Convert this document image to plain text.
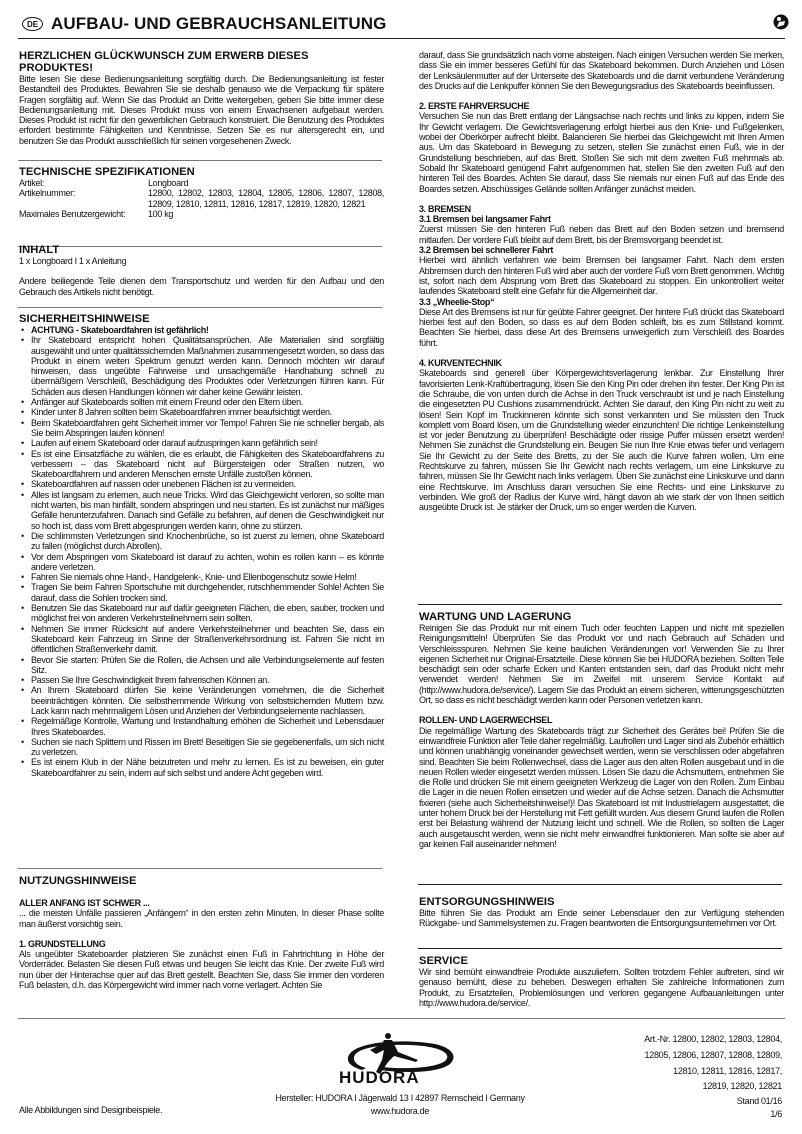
DE AUFBAU- UND GEBRAUCHSANLEITUNG
HERZLICHEN GLÜCKWUNSCH ZUM ERWERB DIESES PRODUKTES!

Bitte lesen Sie diese Bedienungsanleitung sorgfältig durch. Die Bedienungsanleitung ist fester Bestandteil des Produktes. Bewahren Sie sie deshalb genauso wie die Verpackung für spätere Fragen sorgfältig auf. Wenn Sie das Produkt an Dritte weitergeben, geben Sie bitte immer diese Bedienungsanleitung mit. Dieses Produkt muss von einem Erwachsenen aufgebaut werden. Dieses Produkt ist nicht für den gewerblichen Gebrauch konstruiert. Die Benutzung des Produktes erfordert bestimmte Fähigkeiten und Kenntnisse. Setzen Sie es nur altersgerecht ein, und benutzen Sie das Produkt ausschließlich für seinen vorgesehenen Zweck.

TECHNISCHE SPEZIFIKATIONEN
Artikel:	Longboard
Artikelnummer:	12800, 12802, 12803, 12804, 12805, 12806, 12807, 12808, 12809, 12810, 12811, 12816, 12817, 12819, 12820, 12821
Maximales Benutzergewicht:	100 kg
INHALT

1 x Longboard I 1 x Anleitung

Andere beiliegende Teile dienen dem Transportschutz und werden für den Aufbau und den Gebrauch des Artikels nicht benötigt.

SICHERHEITSHINWEISE
• ACHTUNG - Skateboardfahren ist gefährlich!
• Ihr Skateboard entspricht hohen Qualitätsansprüchen. Alle Materialien sind sorgfältig ausgewählt und unter qualitätssichernden Maßnahmen zusammengesetzt worden, so dass das Produkt in einem weiten Spektrum genutzt werden kann. Dennoch möchten wir darauf hinweisen, dass ungeübte Fahrweise und unsachgemäße Handhabung schnell zu übermäßigem Verschleiß, Beschädigung des Produktes oder Verletzungen führen kann. Für Schäden aus diesen Handlungen können wir daher keine Gewähr leisten.
• Anfänger auf Skateboards sollten mit einem Freund oder den Eltern üben.
• Kinder unter 8 Jahren sollten beim Skateboardfahren immer beaufsichtigt werden.
• Beim Skateboardfahren geht Sicherheit immer vor Tempo! Fahren Sie nie schneller bergab, als Sie beim Abspringen laufen können!
• Laufen auf einem Skateboard oder darauf aufzuspringen kann gefährlich sein!
• Es ist eine Einsatzfläche zu wählen, die es erlaubt, die Fähigkeiten des Skateboardfahrens zu verbessern – das Skateboard nicht auf Bürgersteigen oder Straßen nutzen, wo Skateboardfahrern und anderen Menschen ernste Unfälle zustoßen können.
• Skateboardfahren auf nassen oder unebenen Flächen ist zu vermeiden.
• Alles ist langsam zu erlernen, auch neue Tricks. Wird das Gleichgewicht verloren, so sollte man nicht warten, bis man hinfällt, sondern abspringen und neu starten. Es ist zunächst nur mäßiges Gefälle herunterzufahren. Danach sind Gefälle zu befahren, auf denen die Geschwindigkeit nur so hoch ist, dass vom Brett abgesprungen werden kann, ohne zu stürzen.
• Die schlimmsten Verletzungen sind Knochenbrüche, so ist zuerst zu lernen, ohne Skateboard zu fallen (möglichst durch Abrollen).
• Vor dem Abspringen vom Skateboard ist darauf zu achten, wohin es rollen kann – es könnte andere verletzen.
• Fahren Sie niemals ohne Hand-, Handgelenk-, Knie- und Ellenbogenschutz sowie Helm!
• Tragen Sie beim Fahren Sportschuhe mit durchgehender, rutschhemmender Sohle! Achten Sie darauf, dass die Sohlen trocken sind.
• Benutzen Sie das Skateboard nur auf dafür geeigneten Flächen, die eben, sauber, trocken und möglichst frei von anderen Verkehrsteilnehmern sein sollten.
• Nehmen Sie immer Rücksicht auf andere Verkehrsteilnehmer und beachten Sie, dass ein Skateboard kein Fahrzeug im Sinne der Straßenverkehrsordnung ist. Fahren Sie nicht im öffentlichen Straßenverkehr damit.
• Bevor Sie starten: Prüfen Sie die Rollen, die Achsen und alle Verbindungselemente auf festen Sitz.
• Passen Sie Ihre Geschwindigkeit Ihrem fahrerischen Können an.
• An Ihrem Skateboard dürfen Sie keine Veränderungen vornehmen, die die Sicherheit beeinträchtigen könnten. Die selbsthemmende Wirkung von selbstsichernden Muttern bzw. Lack kann nach mehrmaligem Lösen und Anziehen der Verbindungselemente nachlassen.
• Regelmäßige Kontrolle, Wartung und Instandhaltung erhöhen die Sicherheit und Lebensdauer Ihres Skateboardes.
• Suchen sie nach Splittern und Rissen im Brett! Beseitigen Sie sie gegebenenfalls, um sich nicht zu verletzen.
• Es ist einem Klub in der Nähe beizutreten und mehr zu lernen. Es ist zu beweisen, ein guter Skateboardfahrer zu sein, indem auf sich selbst und andere Acht gegeben wird.
NUTZUNGSHINWEISE
ALLER ANFANG IST SCHWER ...

... die meisten Unfälle passieren „Anfängern“ in den ersten zehn Minuten. In dieser Phase sollte man äußerst vorsichtig sein.

1. GRUNDSTELLUNG

Als ungeübter Skateboarder platzieren Sie zunächst einen Fuß in Fahrtrichtung in Höhe der Vorderräder. Belasten Sie diesen Fuß etwas und beugen Sie leicht das Knie. Der zweite Fuß wird nun über der Hinterachse quer auf das Brett gestellt. Beachten Sie, dass Sie immer den vorderen Fuß belasten, d.h. das Körpergewicht wird immer nach vorne verlagert. Achten Sie

darauf, dass Sie grundsätzlich nach vorne absteigen. Nach einigen Versuchen werden Sie merken, dass Sie ein immer besseres Gefühl für das Skateboard bekommen. Durch Anziehen und Lösen der Lenksäulenmutter auf der Unterseite des Skateboards und die damit verbundene Veränderung des Drucks auf die Lenkpuffer können Sie den Bewegungsradius des Skateboards beeinflussen.

2. ERSTE FAHRVERSUCHE

Versuchen Sie nun das Brett entlang der Längsachse nach rechts und links zu kippen, indem Sie Ihr Gewicht verlagern. Die Gewichtsverlagerung erfolgt hierbei aus den Knie- und Fußgelenken, wobei der Oberkörper aufrecht bleibt. Balancieren Sie hierbei das Gleichgewicht mit Ihren Armen aus. Um das Skateboard in Bewegung zu setzen, stellen Sie zunächst einen Fuß, wie in der Grundstellung beschrieben, auf das Brett. Stoßen Sie sich mit dem zweiten Fuß mehrmals ab. Sobald Ihr Skateboard genügend Fahrt aufgenommen hat, stellen Sie den zweiten Fuß auf den hinteren Teil des Boardes. Achten Sie darauf, dass Sie niemals nur einen Fuß auf das Ende des Boardes setzen. Abschüssiges Gelände sollten Anfänger zunächst meiden.

3. BREMSEN
3.1 Bremsen bei langsamer Fahrt

Zuerst müssen Sie den hinteren Fuß neben das Brett auf den Boden setzen und bremsend mitlaufen. Der vordere Fuß bleibt auf dem Brett, bis der Bremsvorgang beendet ist.

3.2 Bremsen bei schnellerer Fahrt

Hierbei wird ähnlich verfahren wie beim Bremsen bei langsamer Fahrt. Nach dem ersten Abbremsen durch den hinteren Fuß wird aber auch der vordere Fuß vom Brett genommen. Wichtig ist, sofort nach dem Absprung vom Brett das Skateboard zu stoppen. Ein unkontrolliert weiter laufendes Skateboard stellt eine Gefahr für die Allgemeinheit dar.

3.3 „Wheelie-Stop“

Diese Art des Bremsens ist nur für geübte Fahrer geeignet. Der hintere Fuß drückt das Skateboard hierbei fest auf den Boden, so dass es auf dem Boden schleift, bis es zum Stillstand kommt. Beachten Sie hierbei, dass diese Art des Bremsens unweigerlich zum Verschleiß des Boardes führt.

4. KURVENTECHNIK

Skateboards sind generell über Körpergewichtsverlagerung lenkbar. Zur Einstellung Ihrer favorisierten Lenk-Kraftübertragung, lösen Sie den King Pin oder drehen ihn fester. Der King Pin ist die Schraube, die von unten durch die Achse in den Truck verschraubt ist und je nach Einstellung die eingesetzten PU Cushions zusammendrückt. Achten Sie darauf, den King Pin nicht zu weit zu lösen! Sein Kopf im Truckinneren könnte sich sonst verkannten und Sie müssten den Truck komplett vom Board lösen, um die Grundstellung wieder einzurichten! Die richtige Lenkeinstellung ist vor jeder Benutzung zu überprüfen! Beschädigte oder rissige Puffer müssen ersetzt werden! Nehmen Sie zunächst die Grundstellung ein. Beugen Sie nun Ihre Knie etwas tiefer und verlagern Sie Ihr Gewicht zu der Seite des Bretts, zu der Sie auch die Kurve fahren wollen. Um eine Rechtskurve zu fahren, müssen Sie Ihr Gewicht nach rechts verlagern, um eine Linkskurve zu fahren, müssen Sie Ihr Gewicht nach links verlagern. Üben Sie zunächst eine Linkskurve und dann eine Rechtskurve. Im Anschluss daran versuchen Sie eine Rechts- und eine Linkskurve zu verbinden. Wie groß der Radius der Kurve wird, hängt davon ab wie stark der von Ihnen seitlich ausgeübte Druck ist. Je stärker der Druck, um so enger werden die Kurven.

WARTUNG UND LAGERUNG

Reinigen Sie das Produkt nur mit einem Tuch oder feuchten Lappen und nicht mit speziellen Reinigungsmitteln! Überprüfen Sie das Produkt vor und nach Gebrauch auf Schäden und Verschleissspuren. Nehmen Sie keine baulichen Veränderungen vor! Verwenden Sie zu Ihrer eigenen Sicherheit nur Original-Ersatzteile. Diese können Sie bei HUDORA beziehen. Sollten Teile beschädigt sein oder scharfe Ecken und Kanten entstanden sein, darf das Produkt nicht mehr verwendet werden! Nehmen Sie im Zweifel mit unserem Service Kontakt auf (http://www.hudora.de/service/). Lagern Sie das Produkt an einem sicheren, witterungsgeschützten Ort, so dass es nicht beschädigt werden kann oder Personen verletzen kann.

ROLLEN- UND LAGERWECHSEL

Die regelmäßige Wartung des Skateboards trägt zur Sicherheit des Gerätes bei! Prüfen Sie die einwandfreie Funktion aller Teile daher regelmäßig. Laufrollen und Lager sind als Zubehör erhältlich und können unabhängig voneinander gewechselt werden, wenn sie verschlissen oder abgefahren sind. Beachten Sie beim Rollenwechsel, dass die Lager aus den alten Rollen ausgebaut und in die neuen Rollen wieder eingesetzt werden müssen. Lösen Sie dazu die Achsmuttern, entnehmen Sie die Rolle und drücken Sie mit einem geeigneten Werkzeug die Lager von den Rollen. Zum Einbau die Lager in die neuen Rollen einsetzen und wieder auf die Achse setzen. Danach die Achsmutter fixieren (siehe auch Sicherheitshinweise!)! Das Skateboard ist mit Industrielagern ausgestattet, die unter hohem Druck bei der Herstellung mit Fett gefüllt wurden. Aus diesem Grund laufen die Rollen erst bei Belastung während der Nutzung leicht und schnell. Wie die Rollen, so sollten die Lager auch ausgetauscht werden, wenn sie nicht mehr einwandfrei funktionieren. Man sollte sie aber auf gar keinen Fall auseinander nehmen!

ENTSORGUNGSHINWEIS

Bitte führen Sie das Produkt am Ende seiner Lebensdauer den zur Verfügung stehenden Rückgabe- und Sammelsystemen zu. Fragen beantworten die Entsorgungsunternehmen vor Ort.

SERVICE

Wir sind bemüht einwandfreie Produkte auszuliefern. Sollten trotzdem Fehler auftreten, sind wir genauso bemüht, diese zu beheben. Deswegen erhalten Sie zahlreiche Informationen zum Produkt, zu Ersatzteilen, Problemlösungen und verloren gegangene Aufbauanleitungen unter http://www.hudora.de/service/.

HUDORA
Hersteller: HUDORA I Jägerwald 13 I 42897 Remscheid I Germany
www.hudora.de
Art.-Nr. 12800, 12802, 12803, 12804,
12805, 12806, 12807, 12808, 12809,
12810, 12811, 12816, 12817,
12819, 12820, 12821
Stand 01/16
1/6
Alle Abbildungen sind Designbeispiele.
